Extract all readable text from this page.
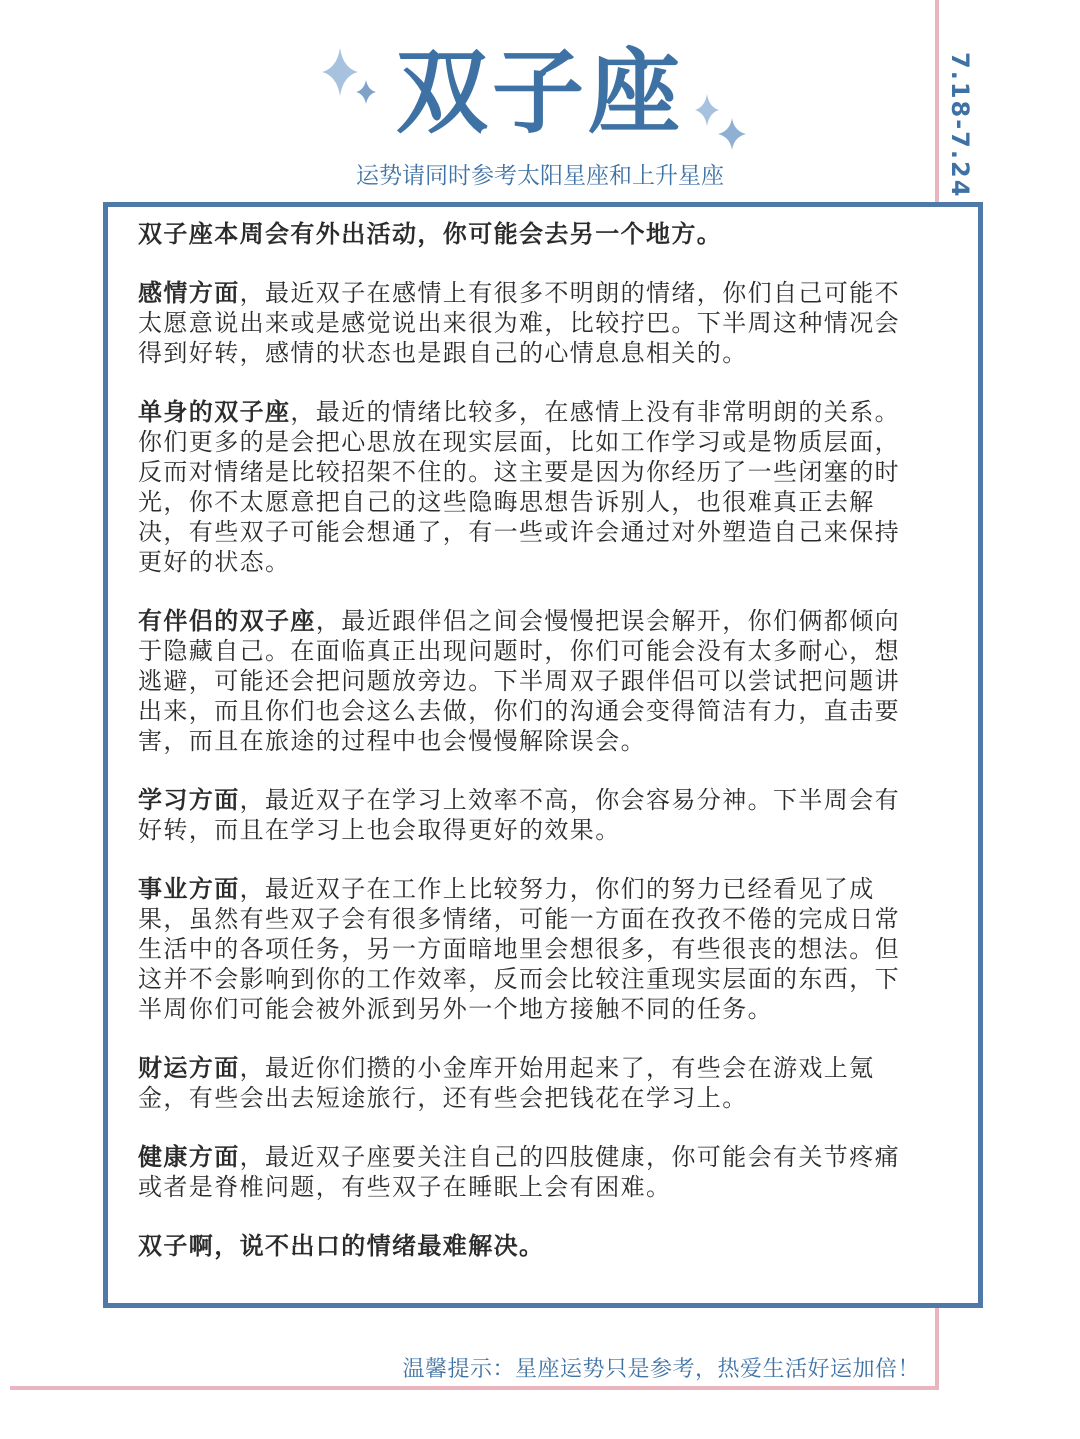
双子座
运势请同时参考太阳星座和上升星座	7.18-7.24

双子座本周会有外出活动，你可能会去另一个地方。

感情方面，最近双子在感情上有很多不明朗的情绪，你们自己可能不太愿意说出来或是感觉说出来很为难，比较拧巴。下半周这种情况会得到好转，感情的状态也是跟自己的心情息息相关的。

单身的双子座，最近的情绪比较多，在感情上没有非常明朗的关系。你们更多的是会把心思放在现实层面，比如工作学习或是物质层面，反而对情绪是比较招架不住的。这主要是因为你经历了一些闭塞的时光，你不太愿意把自己的这些隐晦思想告诉别人，也很难真正去解决，有些双子可能会想通了，有一些或许会通过对外塑造自己来保持更好的状态。

有伴侣的双子座，最近跟伴侣之间会慢慢把误会解开，你们俩都倾向于隐藏自己。在面临真正出现问题时，你们可能会没有太多耐心，想逃避，可能还会把问题放旁边。下半周双子跟伴侣可以尝试把问题讲出来，而且你们也会这么去做，你们的沟通会变得简洁有力，直击要害，而且在旅途的过程中也会慢慢解除误会。

学习方面，最近双子在学习上效率不高，你会容易分神。下半周会有好转，而且在学习上也会取得更好的效果。

事业方面，最近双子在工作上比较努力，你们的努力已经看见了成果，虽然有些双子会有很多情绪，可能一方面在孜孜不倦的完成日常生活中的各项任务，另一方面暗地里会想很多，有些很丧的想法。但这并不会影响到你的工作效率，反而会比较注重现实层面的东西，下半周你们可能会被外派到另外一个地方接触不同的任务。

财运方面，最近你们攒的小金库开始用起来了，有些会在游戏上氪金，有些会出去短途旅行，还有些会把钱花在学习上。

健康方面，最近双子座要关注自己的四肢健康，你可能会有关节疼痛或者是脊椎问题，有些双子在睡眠上会有困难。

双子啊，说不出口的情绪最难解决。

温馨提示：星座运势只是参考，热爱生活好运加倍！
